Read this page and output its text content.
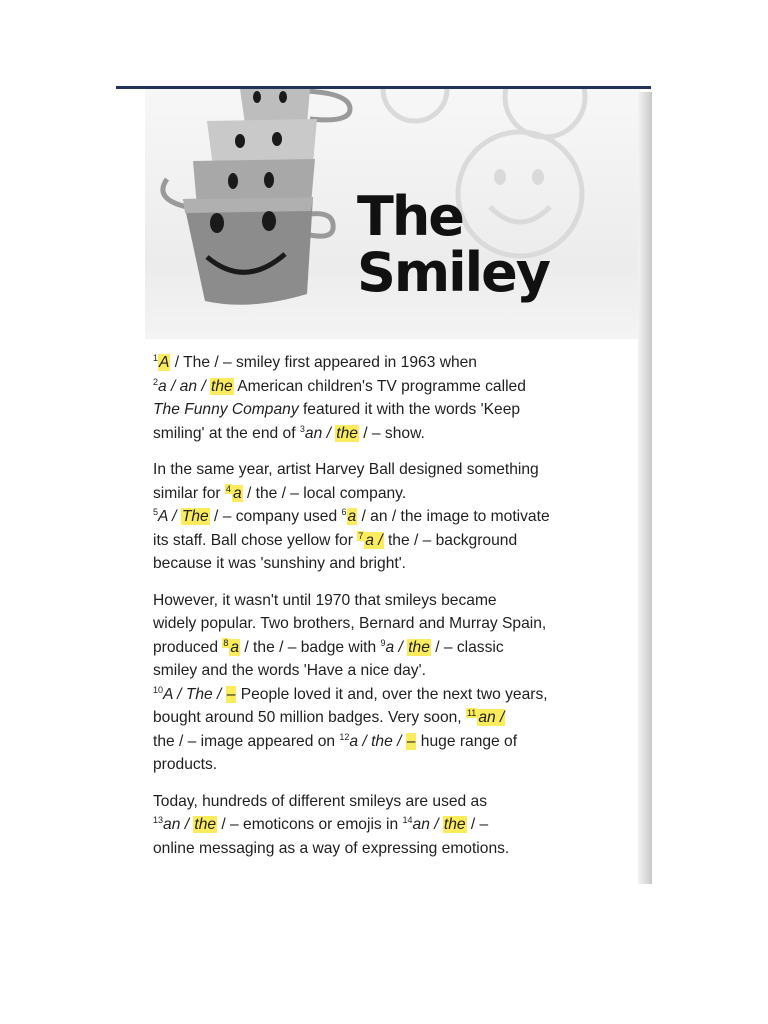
The
Smiley

$^1$A / The / – smiley first appeared in 1963 when
$^2$a / an / the American children's TV programme called
The Funny Company featured it with the words 'Keep
smiling' at the end of $^3$an / the / – show.

In the same year, artist Harvey Ball designed something
similar for $^4$ a / the / – local company.
$^5$A / The / – company used $^6$a / an / the image to motivate
its staff. Ball chose yellow for $^7$ a / the / – background
because it was 'sunshiny and bright'.

However, it wasn't until 1970 that smileys became
widely popular. Two brothers, Bernard and Murray Spain,
produced $^8$ a / the / – badge with $^9$a / the / – classic
smiley and the words 'Have a nice day'.
$^{10}$A / The / – People loved it and, over the next two years,
bought around 50 million badges. Very soon, $^{11}$ an /
the / – image appeared on $^{12}$a / the / – huge range of
products.

Today, hundreds of different smileys are used as
$^{13}$an / the / – emoticons or emojis in $^{14}$an / the / –
online messaging as a way of expressing emotions.
